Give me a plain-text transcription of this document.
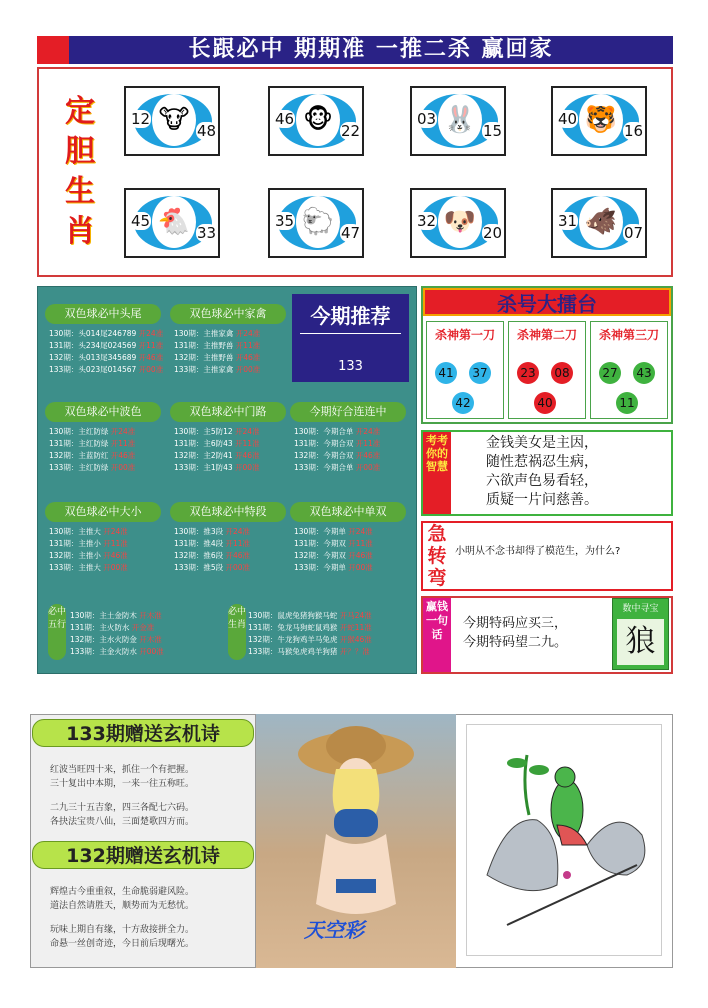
长跟必中 期期准 一推二杀 赢回家
定
胆
生
肖
🐮
12
48	🐵
46
22	🐰
03
15	🐯
40
16
🐔
45
33	🐑
35
47	🐶
32
20	🐗
31
07
双色球必中头尾
130期：头014尾246789 开24准
131期：头234尾024569 开11准
132期：头013尾345689 开46准
133期：头023尾014567 开00准
双色球必中家禽
130期：主推家禽 开24准
131期：主推野兽 开11准
132期：主推野兽 开46准
133期：主推家禽 开00准
双色球必中波色
130期：主红防绿 开24准
131期：主红防绿 开11准
132期：主蓝防红 开46准
133期：主红防绿 开00准
双色球必中门路
130期：主5防12 开24准
131期：主6防43 开11准
132期：主2防41 开46准
133期：主1防43 开00准
今期好合连连中
130期：今期合单 开24准
131期：今期合双 开11准
132期：今期合双 开46准
133期：今期合单 开00准
双色球必中大小
130期：主推大 开24准
131期：主推小 开11准
132期：主推小 开46准
133期：主推大 开00准
双色球必中特段
130期：推3段 开24准
131期：推4段 开11准
132期：推6段 开46准
133期：推5段 开00准
双色球必中单双
130期：今期单 开24准
131期：今期双 开11准
132期：今期双 开46准
133期：今期单 开00准
必中五行
130期：主土金防木 开木准
131期：主火防水 开金准
132期：主水火防金 开木准
133期：主金火防水 开00准
必中生肖
130期：鼠虎兔猪狗猴马蛇 开马24准
131期：兔龙马狗蛇鼠鸡猴 开蛇11准
132期：牛龙狗鸡羊马兔虎 开猴46准
133期：马猴兔虎鸡羊狗猪 开？？准
今期推荐
133
杀号大擂台
杀神第一刀
41 37
42
杀神第二刀
23 08
40
杀神第三刀
27 43
11
考考你的智慧
金钱美女是主因，
随性惹祸忍生病，
六欲声色易看轻，
质疑一片问慈善。
急转弯
小明从不念书却得了模范生，为什么?
赢钱一句话
今期特码应买三，
今期特码望二九。
数中寻宝
狼
133期赠送玄机诗
红波当旺四十来，抓住一个有把握。
三十复出中本期，一来一往五称旺。
二九三十五吉象，四三各配七六码。
各抉法宝贵八仙，三面楚歌四方而。
132期赠送玄机诗
辉煌古今重重叙，生命脆弱避风险。
道法自然请胜天，顺势而为无愁忧。
玩味上期自有缘，十方敌接拼全力。
命悬一丝创奇迹，今日前后现曙光。
天空彩
